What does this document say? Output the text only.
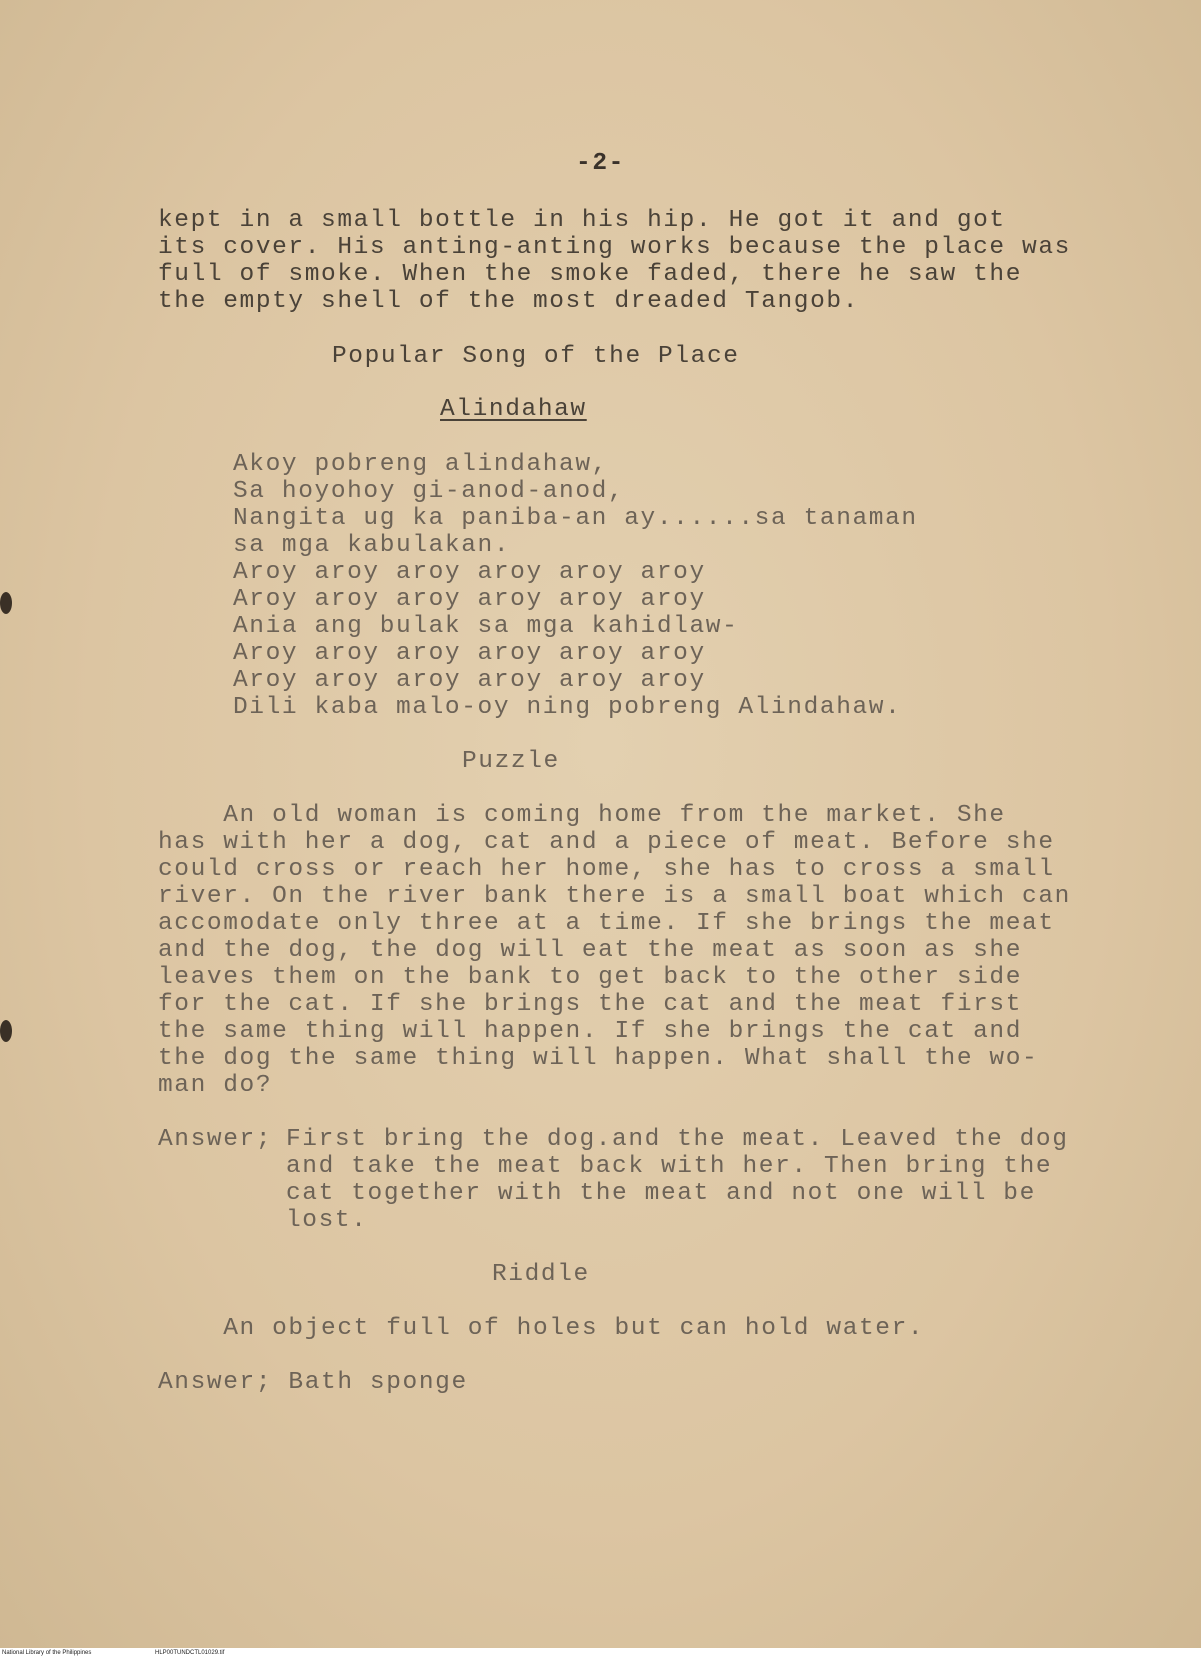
-2-
kept in a small bottle in his hip. He got it and got
its cover. His anting-anting works because the place was
full of smoke. When the smoke faded, there he saw the
the empty shell of the most dreaded Tangob.
Popular Song of the Place
Alindahaw
Akoy pobreng alindahaw,
Sa hoyohoy gi-anod-anod,
Nangita ug ka paniba-an ay......sa tanaman
sa mga kabulakan.
Aroy aroy aroy aroy aroy aroy
Aroy aroy aroy aroy aroy aroy
Ania ang bulak sa mga kahidlaw-
Aroy aroy aroy aroy aroy aroy
Aroy aroy aroy aroy aroy aroy
Dili kaba malo-oy ning pobreng Alindahaw.
Puzzle
An old woman is coming home from the market. She
has with her a dog, cat and a piece of meat. Before she
could cross or reach her home, she has to cross a small
river. On the river bank there is a small boat which can
accomodate only three at a time. If she brings the meat
and the dog, the dog will eat the meat as soon as she
leaves them on the bank to get back to the other side
for the cat. If she brings the cat and the meat first
the same thing will happen. If she brings the cat and
the dog the same thing will happen. What shall the wo-
man do?
Answer; First bring the dog.and the meat. Leaved the dog
and take the meat back with her. Then bring the
cat together with the meat and not one will be
lost.
Riddle
An object full of holes but can hold water.
Answer; Bath sponge
National Library of the Philippines	HLP00TUNDCTL01029.tif
